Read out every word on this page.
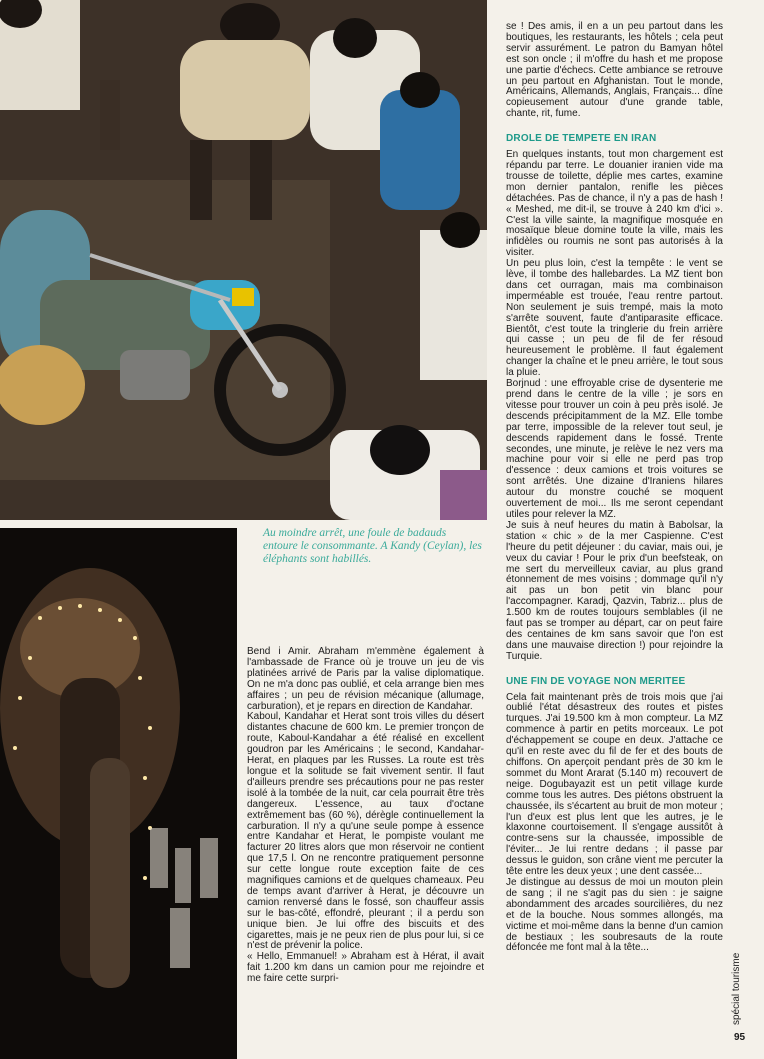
Au moindre arrêt, une foule de badauds entoure le consommante. A Kandy (Ceylan), les éléphants sont habillés.

Bend i Amir. Abraham m'emmène également à l'ambassade de France où je trouve un jeu de vis platinées arrivé de Paris par la valise diplomatique. On ne m'a donc pas oublié, et cela arrange bien mes affaires ; un peu de révision mécanique (allumage, carburation), et je repars en direction de Kandahar.

Kaboul, Kandahar et Herat sont trois villes du désert distantes chacune de 600 km. Le premier tronçon de route, Kaboul-Kandahar a été réalisé en excellent goudron par les Américains ; le second, Kandahar-Herat, en plaques par les Russes. La route est très longue et la solitude se fait vivement sentir. Il faut d'ailleurs prendre ses précautions pour ne pas rester isolé à la tombée de la nuit, car cela pourrait être très dangereux. L'essence, au taux d'octane extrêmement bas (60 %), dérègle continuellement la carburation. Il n'y a qu'une seule pompe à essence entre Kandahar et Herat, le pompiste voulant me facturer 20 litres alors que mon réservoir ne contient que 17,5 l. On ne rencontre pratiquement personne sur cette longue route exception faite de ces magnifiques camions et de quelques chameaux. Peu de temps avant d'arriver à Herat, je découvre un camion renversé dans le fossé, son chauffeur assis sur le bas-côté, effondré, pleurant ; il a perdu son unique bien. Je lui offre des biscuits et des cigarettes, mais je ne peux rien de plus pour lui, si ce n'est de prévenir la police.

« Hello, Emmanuel! » Abraham est à Hérat, il avait fait 1.200 km dans un camion pour me rejoindre et me faire cette surpri-

se ! Des amis, il en a un peu partout dans les boutiques, les restaurants, les hôtels ; cela peut servir assurément. Le patron du Bamyan hôtel est son oncle ; il m'offre du hash et me propose une partie d'échecs. Cette ambiance se retrouve un peu partout en Afghanistan. Tout le monde, Américains, Allemands, Anglais, Français... dîne copieusement autour d'une grande table, chante, rit, fume.

DROLE DE TEMPETE EN IRAN

En quelques instants, tout mon chargement est répandu par terre. Le douanier iranien vide ma trousse de toilette, déplie mes cartes, examine mon dernier pantalon, renifle les pièces détachées. Pas de chance, il n'y a pas de hash ! « Meshed, me dit-il, se trouve à 240 km d'ici ». C'est la ville sainte, la magnifique mosquée en mosaïque bleue domine toute la ville, mais les infidèles ou roumis ne sont pas autorisés à la visiter.

Un peu plus loin, c'est la tempête : le vent se lève, il tombe des hallebardes. La MZ tient bon dans cet ourragan, mais ma combinaison imperméable est trouée, l'eau rentre partout. Non seulement je suis trempé, mais la moto s'arrête souvent, faute d'antiparasite efficace. Bientôt, c'est toute la tringlerie du frein arrière qui casse ; un peu de fil de fer résoud heureusement le problème. Il faut également changer la chaîne et le pneu arrière, le tout sous la pluie.

Borjnud : une effroyable crise de dysenterie me prend dans le centre de la ville ; je sors en vitesse pour trouver un coin à peu près isolé. Je descends précipitamment de la MZ. Elle tombe par terre, impossible de la relever tout seul, je descends rapidement dans le fossé. Trente secondes, une minute, je relève le nez vers ma machine pour voir si elle ne perd pas trop d'essence : deux camions et trois voitures se sont arrêtés. Une dizaine d'Iraniens hilares autour du monstre couché se moquent ouvertement de moi... Ils me seront cependant utiles pour relever la MZ.

Je suis à neuf heures du matin à Babolsar, la station « chic » de la mer Caspienne. C'est l'heure du petit déjeuner : du caviar, mais oui, je veux du caviar ! Pour le prix d'un beefsteak, on me sert du merveilleux caviar, au plus grand étonnement de mes voisins ; dommage qu'il n'y ait pas un bon petit vin blanc pour l'accompagner. Karadj, Qazvin, Tabriz... plus de 1.500 km de routes toujours semblables (il ne faut pas se tromper au départ, car on peut faire des centaines de km sans savoir que l'on est dans une mauvaise direction !) pour rejoindre la Turquie.

UNE FIN DE VOYAGE NON MERITEE

Cela fait maintenant près de trois mois que j'ai oublié l'état désastreux des routes et pistes turques. J'ai 19.500 km à mon compteur. La MZ commence à partir en petits morceaux. Le pot d'échappement se coupe en deux. J'attache ce qu'il en reste avec du fil de fer et des bouts de chiffons. On aperçoit pendant près de 30 km le sommet du Mont Ararat (5.140 m) recouvert de neige. Dogubayazit est un petit village kurde comme tous les autres. Des piétons obstruent la chaussée, ils s'écartent au bruit de mon moteur ; l'un d'eux est plus lent que les autres, je le klaxonne courtoisement. Il s'engage aussitôt à contre-sens sur la chaussée, impossible de l'éviter... Je lui rentre dedans ; il passe par dessus le guidon, son crâne vient me percuter la tête entre les deux yeux ; une dent cassée...

Je distingue au dessus de moi un mouton plein de sang ; il ne s'agit pas du sien : je saigne abondamment des arcades sourcilières, du nez et de la bouche. Nous sommes allongés, ma victime et moi-même dans la benne d'un camion de bestiaux ; les soubresauts de la route défoncée me font mal à la tête...

spécial tourisme
95
